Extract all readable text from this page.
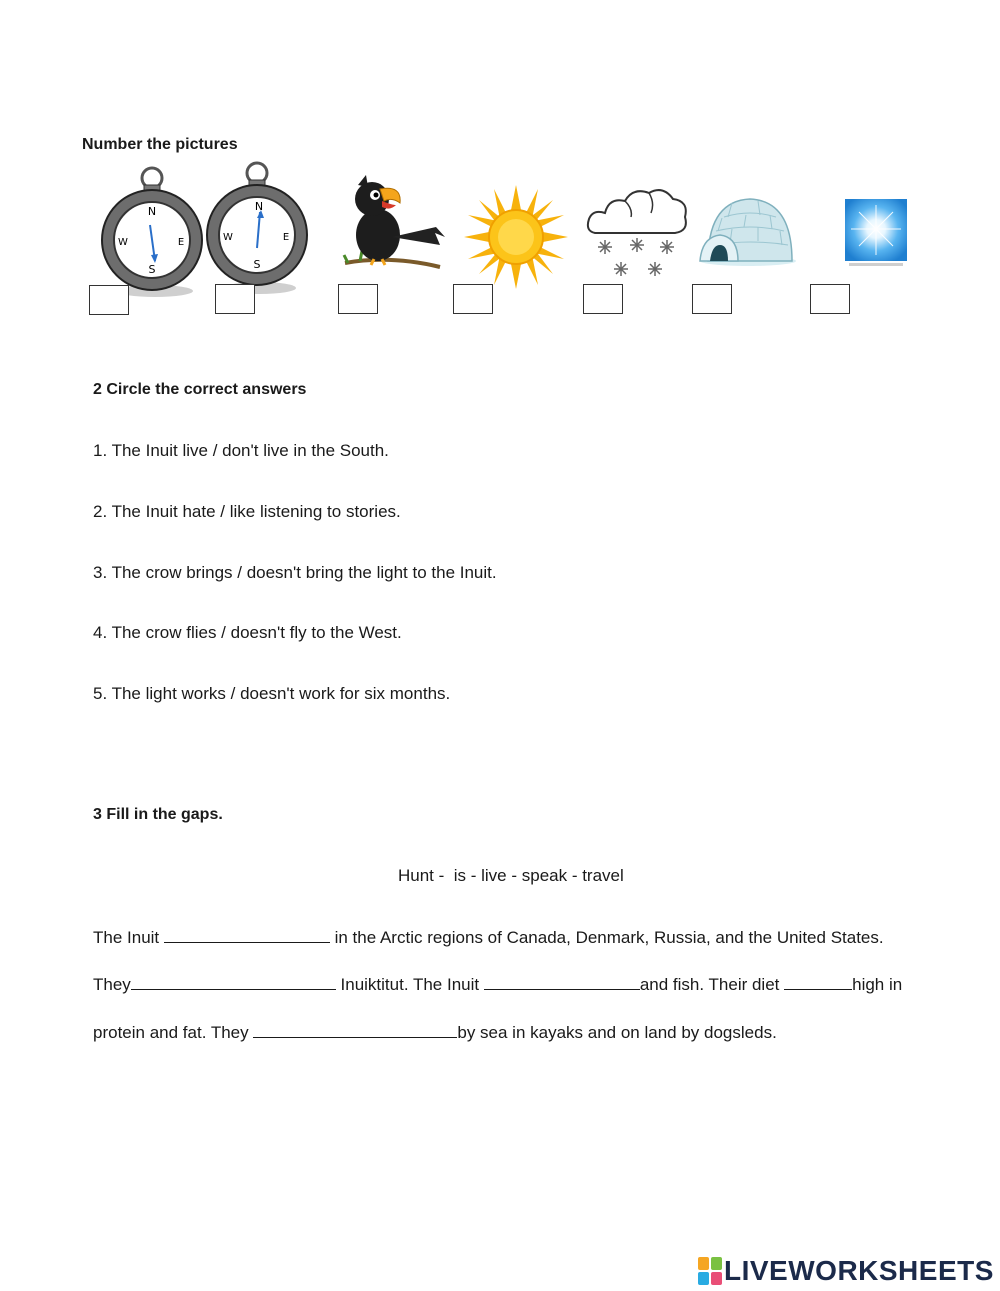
Number the pictures
N
S
W	E
N
S
W	E
2 Circle the correct answers
1. The Inuit live / don't live in the South.
2. The Inuit hate / like listening to stories.
3. The crow brings / doesn't bring the light to the Inuit.
4. The crow flies / doesn't fly to the West.
5. The light works / doesn't work for six months.
3 Fill in the gaps.
Hunt -  is - live - speak - travel
The Inuit	in the Arctic regions of Canada, Denmark, Russia, and the United States.
They	Inuiktitut. The Inuit	and fish. Their diet	high in
protein and fat. They	by sea in kayaks and on land by dogsleds.
LIVEWORKSHEETS
